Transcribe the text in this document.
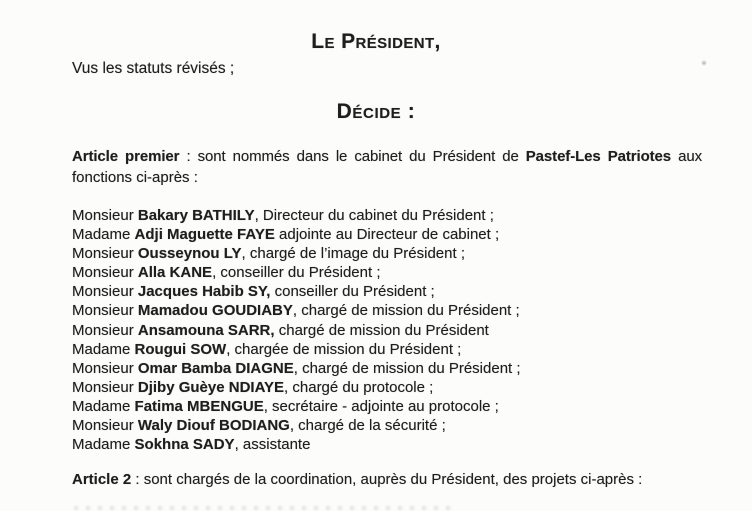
Le Président,
Vus les statuts révisés ;
Décide :
Article premier : sont nommés dans le cabinet du Président de Pastef-Les Patriotes aux
fonctions ci-après :
Monsieur Bakary BATHILY, Directeur du cabinet du Président ;
Madame Adji Maguette FAYE adjointe au Directeur de cabinet ;
Monsieur Ousseynou LY, chargé de l’image du Président ;
Monsieur Alla KANE, conseiller du Président ;
Monsieur Jacques Habib SY, conseiller du Président ;
Monsieur Mamadou GOUDIABY, chargé de mission du Président ;
Monsieur Ansamouna SARR, chargé de mission du Président
Madame Rougui SOW, chargée de mission du Président ;
Monsieur Omar Bamba DIAGNE, chargé de mission du Président ;
Monsieur Djiby Guèye NDIAYE, chargé du protocole ;
Madame Fatima MBENGUE, secrétaire - adjointe au protocole ;
Monsieur Waly Diouf BODIANG, chargé de la sécurité ;
Madame Sokhna SADY, assistante
Article 2 : sont chargés de la coordination, auprès du Président, des projets ci-après :
